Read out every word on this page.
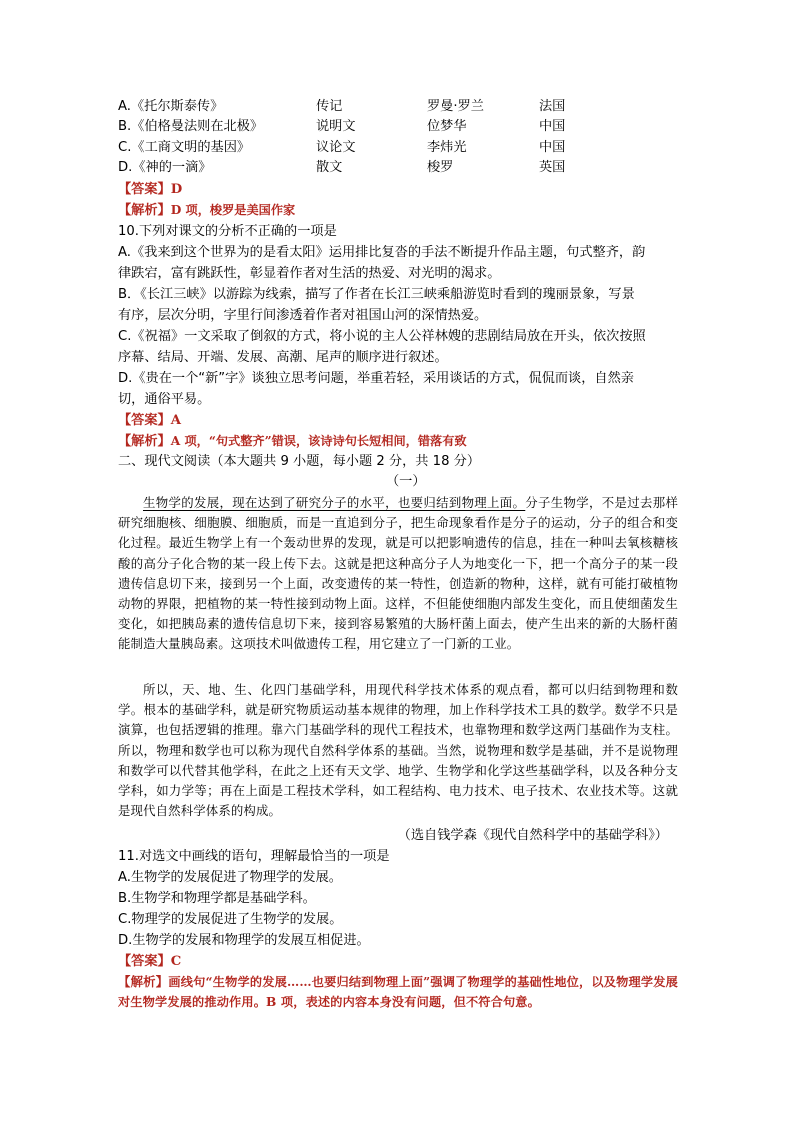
A.《托尔斯泰传》	传记	罗曼·罗兰	法国
B.《伯格曼法则在北极》	说明文	位梦华	中国
C.《工商文明的基因》	议论文	李炜光	中国
D.《神的一滴》	散文	梭罗	英国
【答案】D
【解析】D 项，梭罗是美国作家
10.下列对课文的分析不正确的一项是
A.《我来到这个世界为的是看太阳》运用排比复沓的手法不断提升作品主题，句式整齐，韵
律跌宕，富有跳跃性，彰显着作者对生活的热爱、对光明的渴求。
B．《长江三峡》以游踪为线索，描写了作者在长江三峡乘船游览时看到的瑰丽景象，写景
有序，层次分明，字里行间渗透着作者对祖国山河的深情热爱。
C.《祝福》一文采取了倒叙的方式，将小说的主人公祥林嫂的悲剧结局放在开头，依次按照
序幕、结局、开端、发展、高潮、尾声的顺序进行叙述。
D.《贵在一个“新”字》谈独立思考问题，举重若轻，采用谈话的方式，侃侃而谈，自然亲
切，通俗平易。
【答案】A
【解析】A 项，“句式整齐”错误，该诗诗句长短相间，错落有致
二、现代文阅读（本大题共 9 小题，每小题 2 分，共 18 分）
（一）
生物学的发展，现在达到了研究分子的水平，也要归结到物理上面。分子生物学，不是过去那样研究细胞核、细胞膜、细胞质，而是一直追到分子，把生命现象看作是分子的运动，分子的组合和变化过程。最近生物学上有一个轰动世界的发现，就是可以把影响遗传的信息，挂在一种叫去氧核糖核酸的高分子化合物的某一段上传下去。这就是把这种高分子人为地变化一下，把一个高分子的某一段遗传信息切下来，接到另一个上面，改变遗传的某一特性，创造新的物种，这样，就有可能打破植物动物的界限，把植物的某一特性接到动物上面。这样，不但能使细胞内部发生变化，而且使细菌发生变化，如把胰岛素的遗传信息切下来，接到容易繁殖的大肠杆菌上面去，使产生出来的新的大肠杆菌能制造大量胰岛素。这项技术叫做遗传工程，用它建立了一门新的工业。
所以，天、地、生、化四门基础学科，用现代科学技术体系的观点看，都可以归结到物理和数学。根本的基础学科，就是研究物质运动基本规律的物理，加上作科学技术工具的数学。数学不只是演算，也包括逻辑的推理。靠六门基础学科的现代工程技术，也靠物理和数学这两门基础作为支柱。所以，物理和数学也可以称为现代自然科学体系的基础。当然，说物理和数学是基础，并不是说物理和数学可以代替其他学科，在此之上还有天文学、地学、生物学和化学这些基础学科，以及各种分支学科，如力学等；再在上面是工程技术学科，如工程结构、电力技术、电子技术、农业技术等。这就是现代自然科学体系的构成。
（选自钱学森《现代自然科学中的基础学科》）
11.对选文中画线的语句，理解最恰当的一项是
A.生物学的发展促进了物理学的发展。
B.生物学和物理学都是基础学科。
C.物理学的发展促进了生物学的发展。
D.生物学的发展和物理学的发展互相促进。
【答案】C
【解析】画线句“生物学的发展……也要归结到物理上面”强调了物理学的基础性地位，以及物理学发展对生物学发展的推动作用。B 项，表述的内容本身没有问题，但不符合句意。
